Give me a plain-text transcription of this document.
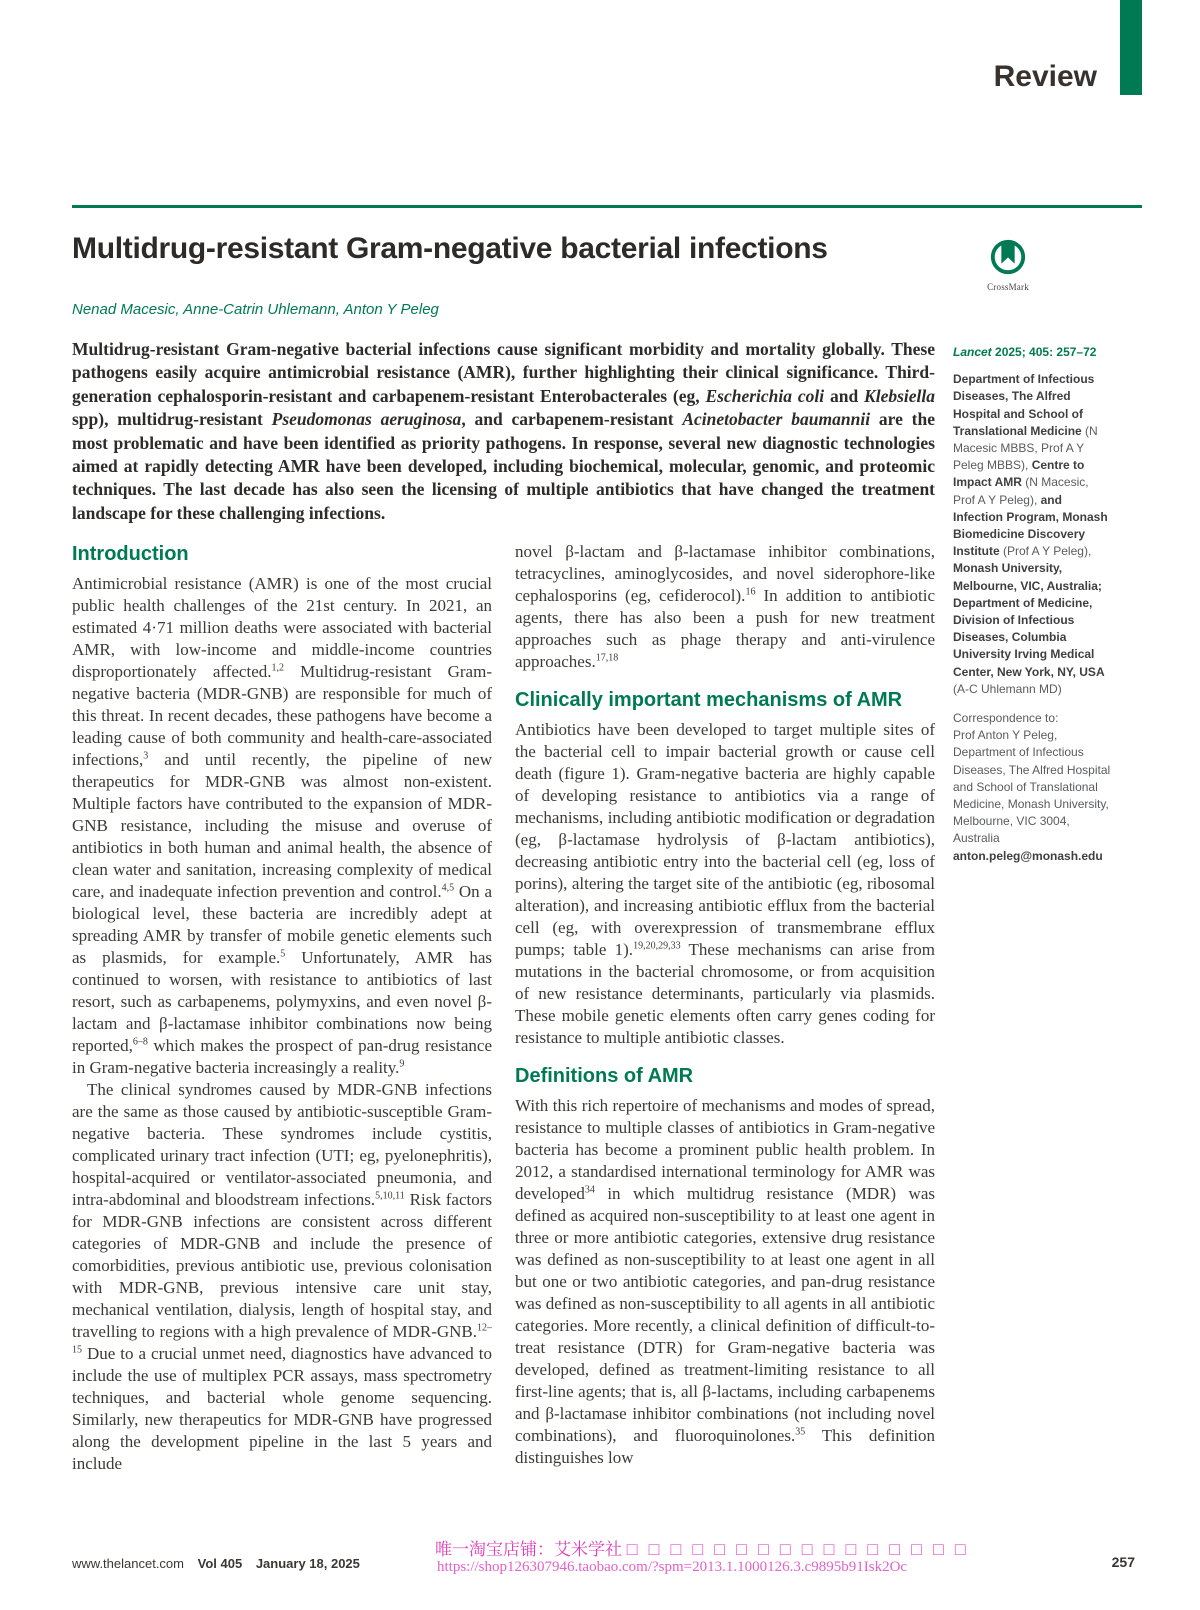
Review
Multidrug-resistant Gram-negative bacterial infections
CrossMark
Nenad Macesic, Anne-Catrin Uhlemann, Anton Y Peleg

Multidrug-resistant Gram-negative bacterial infections cause significant morbidity and mortality globally. These pathogens easily acquire antimicrobial resistance (AMR), further highlighting their clinical significance. Third-generation cephalosporin-resistant and carbapenem-resistant Enterobacterales (eg, Escherichia coli and Klebsiella spp), multidrug-resistant Pseudomonas aeruginosa, and carbapenem-resistant Acinetobacter baumannii are the most problematic and have been identified as priority pathogens. In response, several new diagnostic technologies aimed at rapidly detecting AMR have been developed, including biochemical, molecular, genomic, and proteomic techniques. The last decade has also seen the licensing of multiple antibiotics that have changed the treatment landscape for these challenging infections.

Introduction

Antimicrobial resistance (AMR) is one of the most crucial public health challenges of the 21st century. In 2021, an estimated 4·71 million deaths were associated with bacterial AMR, with low-income and middle-income countries disproportionately affected.$^{1,2}$ Multidrug-resistant Gram-negative bacteria (MDR-GNB) are responsible for much of this threat. In recent decades, these pathogens have become a leading cause of both community and health-care-associated infections,$^3$ and until recently, the pipeline of new therapeutics for MDR-GNB was almost non-existent. Multiple factors have contributed to the expansion of MDR-GNB resistance, including the misuse and overuse of antibiotics in both human and animal health, the absence of clean water and sanitation, increasing complexity of medical care, and inadequate infection prevention and control.$^{4,5}$ On a biological level, these bacteria are incredibly adept at spreading AMR by transfer of mobile genetic elements such as plasmids, for example.$^5$ Unfortunately, AMR has continued to worsen, with resistance to antibiotics of last resort, such as carbapenems, polymyxins, and even novel β-lactam and β-lactamase inhibitor combinations now being reported,$^{6-8}$ which makes the prospect of pan-drug resistance in Gram-negative bacteria increasingly a reality.$^9$

The clinical syndromes caused by MDR-GNB infections are the same as those caused by antibiotic-susceptible Gram-negative bacteria. These syndromes include cystitis, complicated urinary tract infection (UTI; eg, pyelonephritis), hospital-acquired or ventilator-associated pneumonia, and intra-abdominal and bloodstream infections.$^{5,10,11}$ Risk factors for MDR-GNB infections are consistent across different categories of MDR-GNB and include the presence of comorbidities, previous antibiotic use, previous colonisation with MDR-GNB, previous intensive care unit stay, mechanical ventilation, dialysis, length of hospital stay, and travelling to regions with a high prevalence of MDR-GNB.$^{12-15}$ Due to a crucial unmet need, diagnostics have advanced to include the use of multiplex PCR assays, mass spectrometry techniques, and bacterial whole genome sequencing. Similarly, new therapeutics for MDR-GNB have progressed along the development pipeline in the last 5 years and include

novel β-lactam and β-lactamase inhibitor combinations, tetracyclines, aminoglycosides, and novel siderophore-like cephalosporins (eg, cefiderocol).$^{16}$ In addition to antibiotic agents, there has also been a push for new treatment approaches such as phage therapy and anti-virulence approaches.$^{17,18}$

Clinically important mechanisms of AMR

Antibiotics have been developed to target multiple sites of the bacterial cell to impair bacterial growth or cause cell death (figure 1). Gram-negative bacteria are highly capable of developing resistance to antibiotics via a range of mechanisms, including antibiotic modification or degradation (eg, β-lactamase hydrolysis of β-lactam antibiotics), decreasing antibiotic entry into the bacterial cell (eg, loss of porins), altering the target site of the antibiotic (eg, ribosomal alteration), and increasing antibiotic efflux from the bacterial cell (eg, with overexpression of transmembrane efflux pumps; table 1).$^{19,20,29,33}$ These mechanisms can arise from mutations in the bacterial chromosome, or from acquisition of new resistance determinants, particularly via plasmids. These mobile genetic elements often carry genes coding for resistance to multiple antibiotic classes.

Definitions of AMR

With this rich repertoire of mechanisms and modes of spread, resistance to multiple classes of antibiotics in Gram-negative bacteria has become a prominent public health problem. In 2012, a standardised international terminology for AMR was developed$^{34}$ in which multidrug resistance (MDR) was defined as acquired non-susceptibility to at least one agent in three or more antibiotic categories, extensive drug resistance was defined as non-susceptibility to at least one agent in all but one or two antibiotic categories, and pan-drug resistance was defined as non-susceptibility to all agents in all antibiotic categories. More recently, a clinical definition of difficult-to-treat resistance (DTR) for Gram-negative bacteria was developed, defined as treatment-limiting resistance to all first-line agents; that is, all β-lactams, including carbapenems and β-lactamase inhibitor combinations (not including novel combinations), and fluoroquinolones.$^{35}$ This definition distinguishes low

Lancet 2025; 405: 257–72

Department of Infectious Diseases, The Alfred Hospital and School of Translational Medicine (N Macesic MBBS, Prof A Y Peleg MBBS), Centre to Impact AMR (N Macesic, Prof A Y Peleg), and Infection Program, Monash Biomedicine Discovery Institute (Prof A Y Peleg), Monash University, Melbourne, VIC, Australia; Department of Medicine, Division of Infectious Diseases, Columbia University Irving Medical Center, New York, NY, USA (A-C Uhlemann MD)

Correspondence to:
Prof Anton Y Peleg, Department of Infectious Diseases, The Alfred Hospital and School of Translational Medicine, Monash University, Melbourne, VIC 3004, Australia
anton.peleg@monash.edu

唯一淘宝店铺：艾米学社 □ □ □ □ □ □ □ □ □ □ □ □ □ □ □ □
https://shop126307946.taobao.com/?spm=2013.1.1000126.3.c9895b91Isk2Oc
www.thelancet.com Vol 405 January 18, 2025	257
